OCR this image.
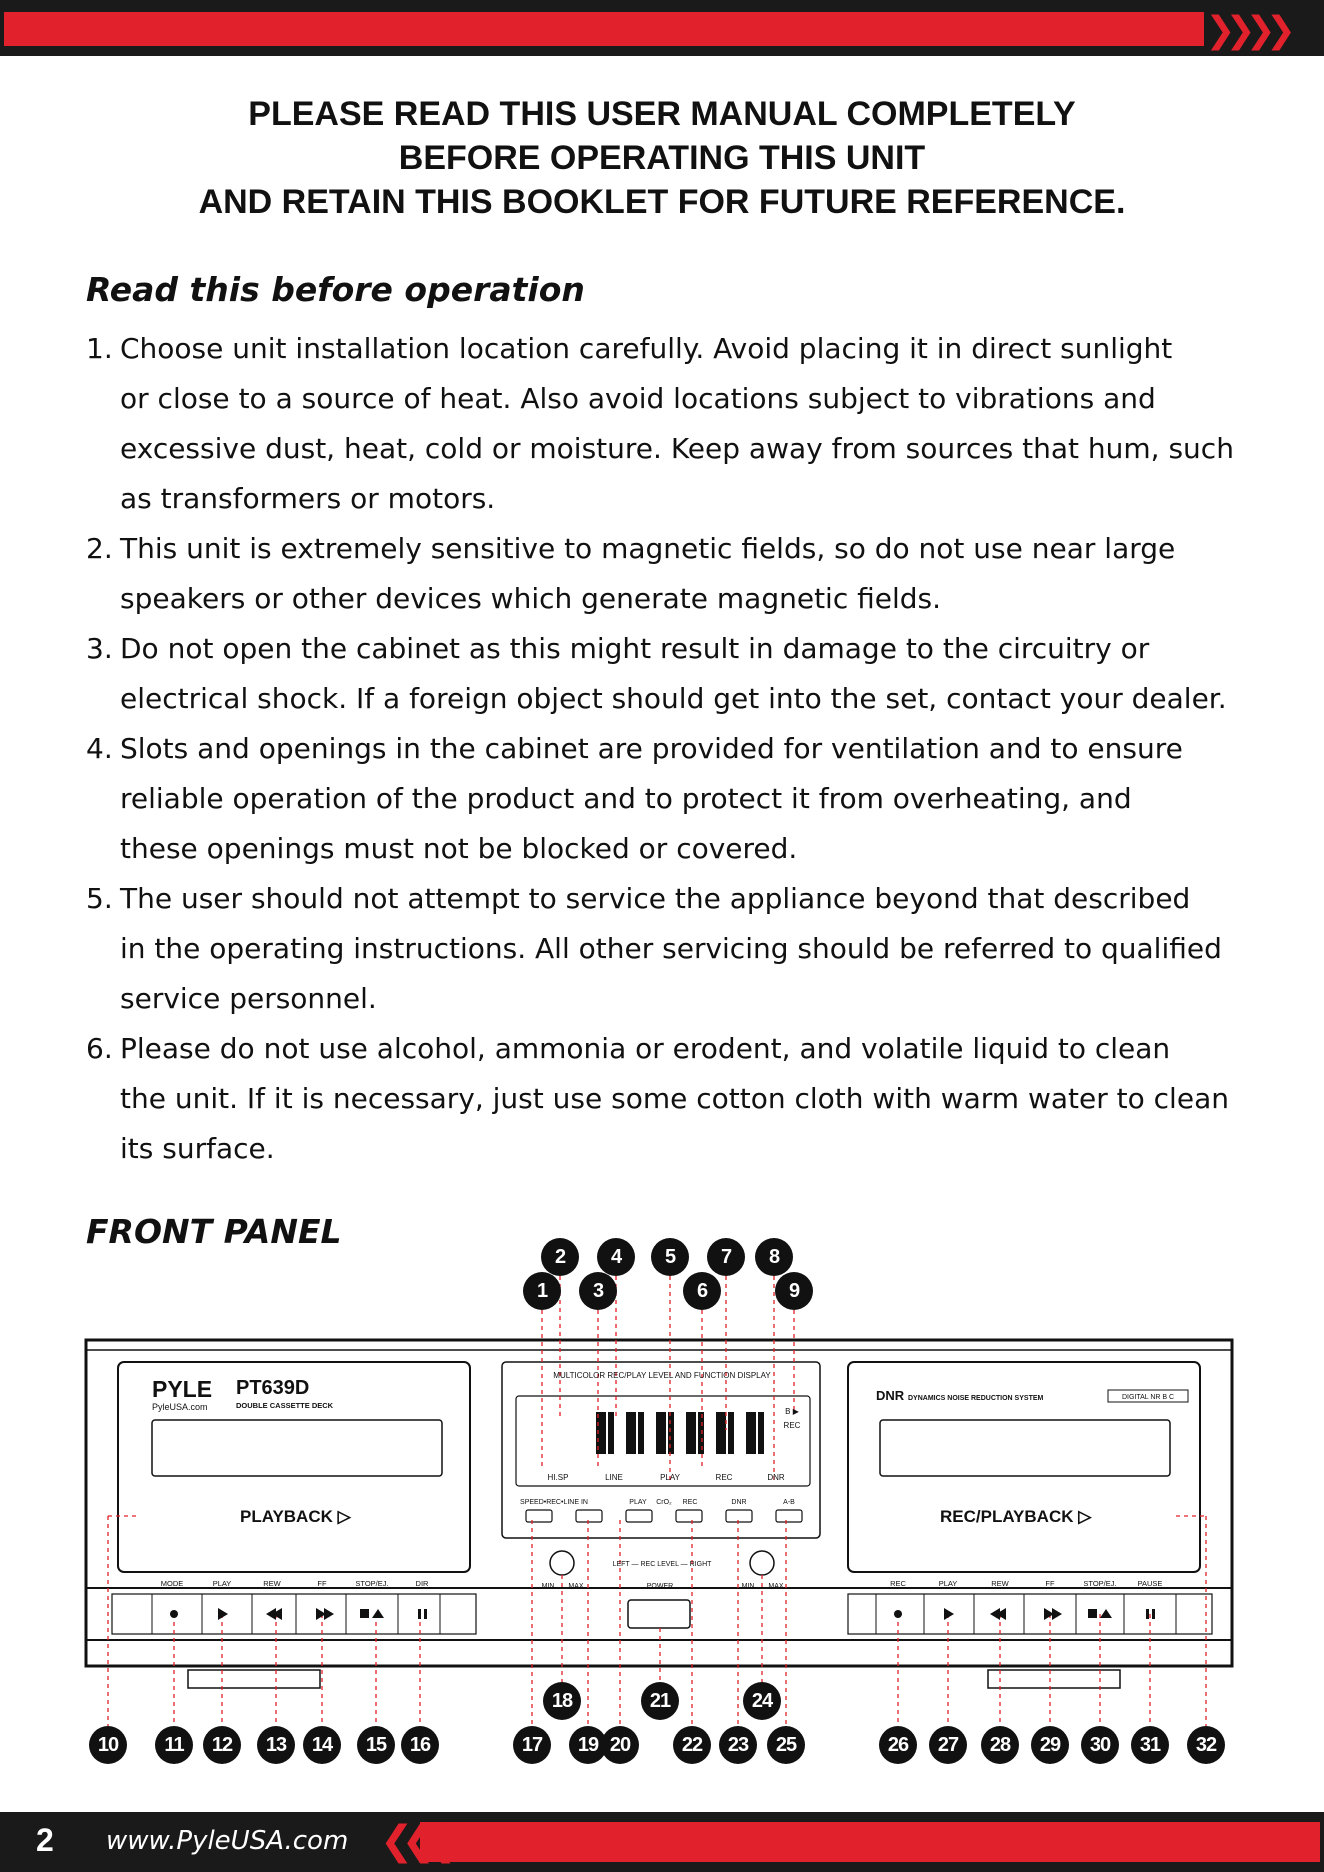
❯❯❯❯
PLEASE READ THIS USER MANUAL COMPLETELY
BEFORE OPERATING THIS UNIT
AND RETAIN THIS BOOKLET FOR FUTURE REFERENCE.
Read this before operation
1. Choose unit installation location carefully. Avoid placing it in direct sunlight
or close to a source of heat. Also avoid locations subject to vibrations and
excessive dust, heat, cold or moisture. Keep away from sources that hum, such
as transformers or motors.
2. This unit is extremely sensitive to magnetic fields, so do not use near large
speakers or other devices which generate magnetic fields.
3. Do not open the cabinet as this might result in damage to the circuitry or
electrical shock. If a foreign object should get into the set, contact your dealer.
4. Slots and openings in the cabinet are provided for ventilation and to ensure
reliable operation of the product and to protect it from overheating, and
these openings must not be blocked or covered.
5. The user should not attempt to service the appliance beyond that described
in the operating instructions. All other servicing should be referred to qualified
service personnel.
6. Please do not use alcohol, ammonia or erodent, and volatile liquid to clean
the unit. If it is necessary, just use some cotton cloth with warm water to clean
its surface.
FRONT PANEL
PYLE
PyleUSA.com
PT639D
DOUBLE CASSETTE DECK
PLAYBACK ▷
MODE	PLAY	REW	FF	STOP/EJ.	DIR
MULTICOLOR REC/PLAY LEVEL AND FUNCTION DISPLAY
HI.SP	LINE	PLAY	REC	DNR
B ▶
REC
SPEED•REC•LINE IN	PLAY CrO₂ REC	DNR	A-B
LEFT — REC LEVEL — RIGHT
MIN MAX	MIN MAX
POWER
DNR DYNAMICS NOISE REDUCTION SYSTEM	DIGITAL NR B C
REC/PLAYBACK ▷
REC	PLAY	REW	FF	STOP/EJ.	PAUSE
2	4	5	7	8
1	3	6	9
18	21	24
10	11	12	13	14	15	16	17	19 20	22	23	25	26	27	28	29	30	31	32
❮❮❮
2 www.PyleUSA.com
